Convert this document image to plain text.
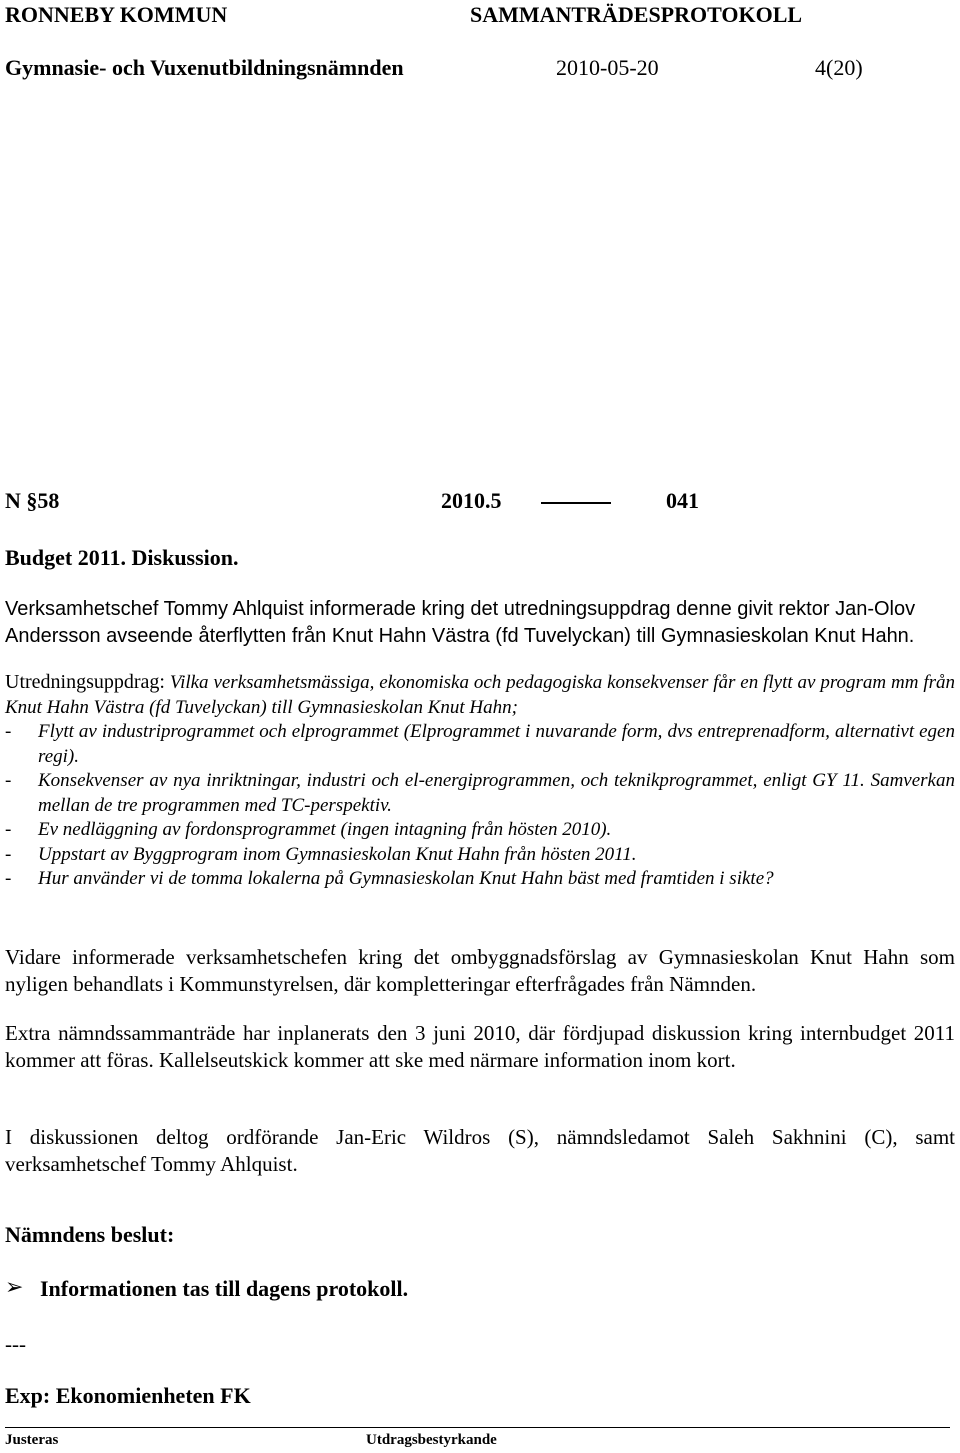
RONNEBY KOMMUN	SAMMANTRÄDESPROTOKOLL
Gymnasie- och Vuxenutbildningsnämnden	2010-05-20	4(20)
N §58	2010.5	041
Budget 2011. Diskussion.
Verksamhetschef Tommy Ahlquist informerade kring det utredningsuppdrag denne givit rektor Jan-Olov Andersson avseende återflytten från Knut Hahn Västra (fd Tuvelyckan) till Gymnasieskolan Knut Hahn.
Utredningsuppdrag: Vilka verksamhetsmässiga, ekonomiska och pedagogiska konsekvenser får en flytt av program mm från Knut Hahn Västra (fd Tuvelyckan) till Gymnasieskolan Knut Hahn;
- Flytt av industriprogrammet och elprogrammet (Elprogrammet i nuvarande form, dvs entreprenadform, alternativt egen regi).
- Konsekvenser av nya inriktningar, industri och el-energiprogrammen, och teknikprogrammet, enligt GY 11. Samverkan mellan de tre programmen med TC-perspektiv.
- Ev nedläggning av fordonsprogrammet (ingen intagning från hösten 2010).
- Uppstart av Byggprogram inom Gymnasieskolan Knut Hahn från hösten 2011.
- Hur använder vi de tomma lokalerna på Gymnasieskolan Knut Hahn bäst med framtiden i sikte?
Vidare informerade verksamhetschefen kring det ombyggnadsförslag av Gymnasieskolan Knut Hahn som nyligen behandlats i Kommunstyrelsen, där kompletteringar efterfrågades från Nämnden.
Extra nämndssammanträde har inplanerats den 3 juni 2010, där fördjupad diskussion kring internbudget 2011 kommer att föras. Kallelseutskick kommer att ske med närmare information inom kort.
I diskussionen deltog ordförande Jan-Eric Wildros (S), nämndsledamot Saleh Sakhnini (C), samt verksamhetschef Tommy Ahlquist.
Nämndens beslut:
➢ Informationen tas till dagens protokoll.
---
Exp: Ekonomienheten FK
Justeras	Utdragsbestyrkande
